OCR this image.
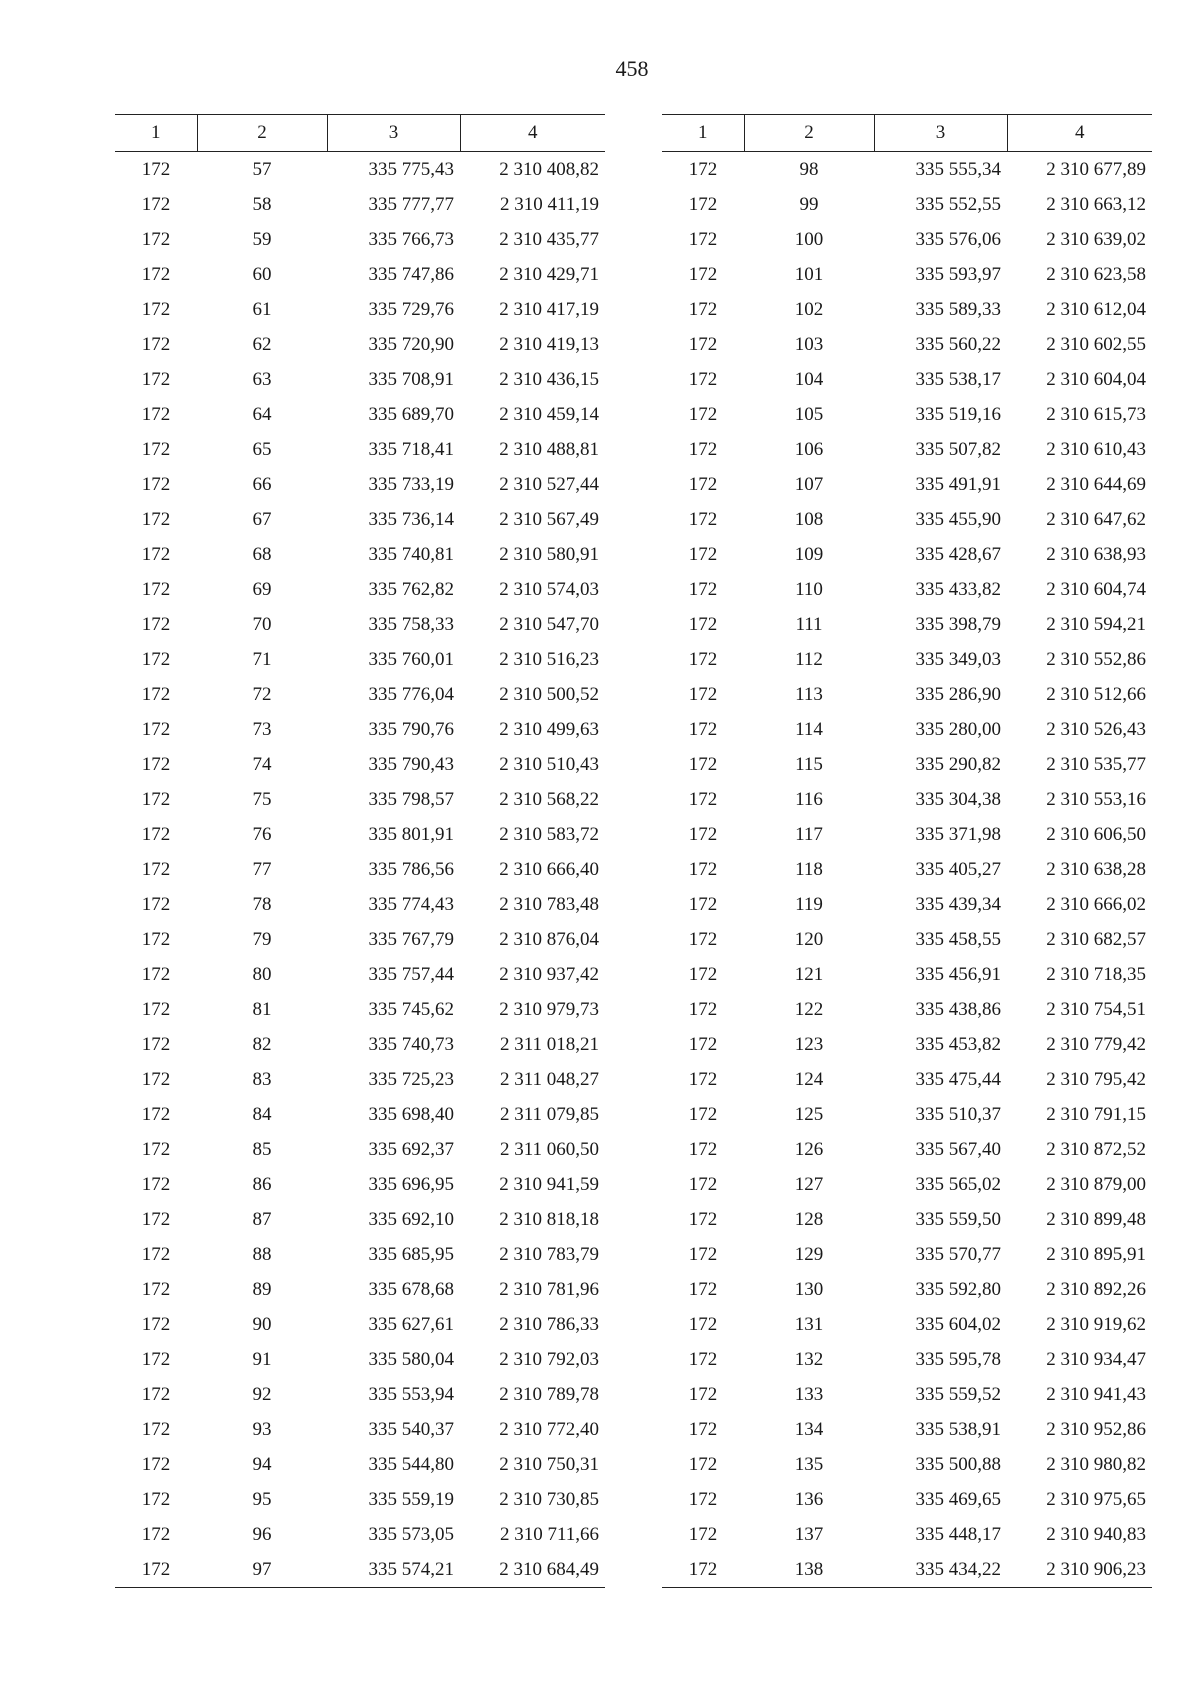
458
1	2	3	4
172	57	335 775,43	2 310 408,82
172	58	335 777,77	2 310 411,19
172	59	335 766,73	2 310 435,77
172	60	335 747,86	2 310 429,71
172	61	335 729,76	2 310 417,19
172	62	335 720,90	2 310 419,13
172	63	335 708,91	2 310 436,15
172	64	335 689,70	2 310 459,14
172	65	335 718,41	2 310 488,81
172	66	335 733,19	2 310 527,44
172	67	335 736,14	2 310 567,49
172	68	335 740,81	2 310 580,91
172	69	335 762,82	2 310 574,03
172	70	335 758,33	2 310 547,70
172	71	335 760,01	2 310 516,23
172	72	335 776,04	2 310 500,52
172	73	335 790,76	2 310 499,63
172	74	335 790,43	2 310 510,43
172	75	335 798,57	2 310 568,22
172	76	335 801,91	2 310 583,72
172	77	335 786,56	2 310 666,40
172	78	335 774,43	2 310 783,48
172	79	335 767,79	2 310 876,04
172	80	335 757,44	2 310 937,42
172	81	335 745,62	2 310 979,73
172	82	335 740,73	2 311 018,21
172	83	335 725,23	2 311 048,27
172	84	335 698,40	2 311 079,85
172	85	335 692,37	2 311 060,50
172	86	335 696,95	2 310 941,59
172	87	335 692,10	2 310 818,18
172	88	335 685,95	2 310 783,79
172	89	335 678,68	2 310 781,96
172	90	335 627,61	2 310 786,33
172	91	335 580,04	2 310 792,03
172	92	335 553,94	2 310 789,78
172	93	335 540,37	2 310 772,40
172	94	335 544,80	2 310 750,31
172	95	335 559,19	2 310 730,85
172	96	335 573,05	2 310 711,66
172	97	335 574,21	2 310 684,49
1	2	3	4
172	98	335 555,34	2 310 677,89
172	99	335 552,55	2 310 663,12
172	100	335 576,06	2 310 639,02
172	101	335 593,97	2 310 623,58
172	102	335 589,33	2 310 612,04
172	103	335 560,22	2 310 602,55
172	104	335 538,17	2 310 604,04
172	105	335 519,16	2 310 615,73
172	106	335 507,82	2 310 610,43
172	107	335 491,91	2 310 644,69
172	108	335 455,90	2 310 647,62
172	109	335 428,67	2 310 638,93
172	110	335 433,82	2 310 604,74
172	111	335 398,79	2 310 594,21
172	112	335 349,03	2 310 552,86
172	113	335 286,90	2 310 512,66
172	114	335 280,00	2 310 526,43
172	115	335 290,82	2 310 535,77
172	116	335 304,38	2 310 553,16
172	117	335 371,98	2 310 606,50
172	118	335 405,27	2 310 638,28
172	119	335 439,34	2 310 666,02
172	120	335 458,55	2 310 682,57
172	121	335 456,91	2 310 718,35
172	122	335 438,86	2 310 754,51
172	123	335 453,82	2 310 779,42
172	124	335 475,44	2 310 795,42
172	125	335 510,37	2 310 791,15
172	126	335 567,40	2 310 872,52
172	127	335 565,02	2 310 879,00
172	128	335 559,50	2 310 899,48
172	129	335 570,77	2 310 895,91
172	130	335 592,80	2 310 892,26
172	131	335 604,02	2 310 919,62
172	132	335 595,78	2 310 934,47
172	133	335 559,52	2 310 941,43
172	134	335 538,91	2 310 952,86
172	135	335 500,88	2 310 980,82
172	136	335 469,65	2 310 975,65
172	137	335 448,17	2 310 940,83
172	138	335 434,22	2 310 906,23
